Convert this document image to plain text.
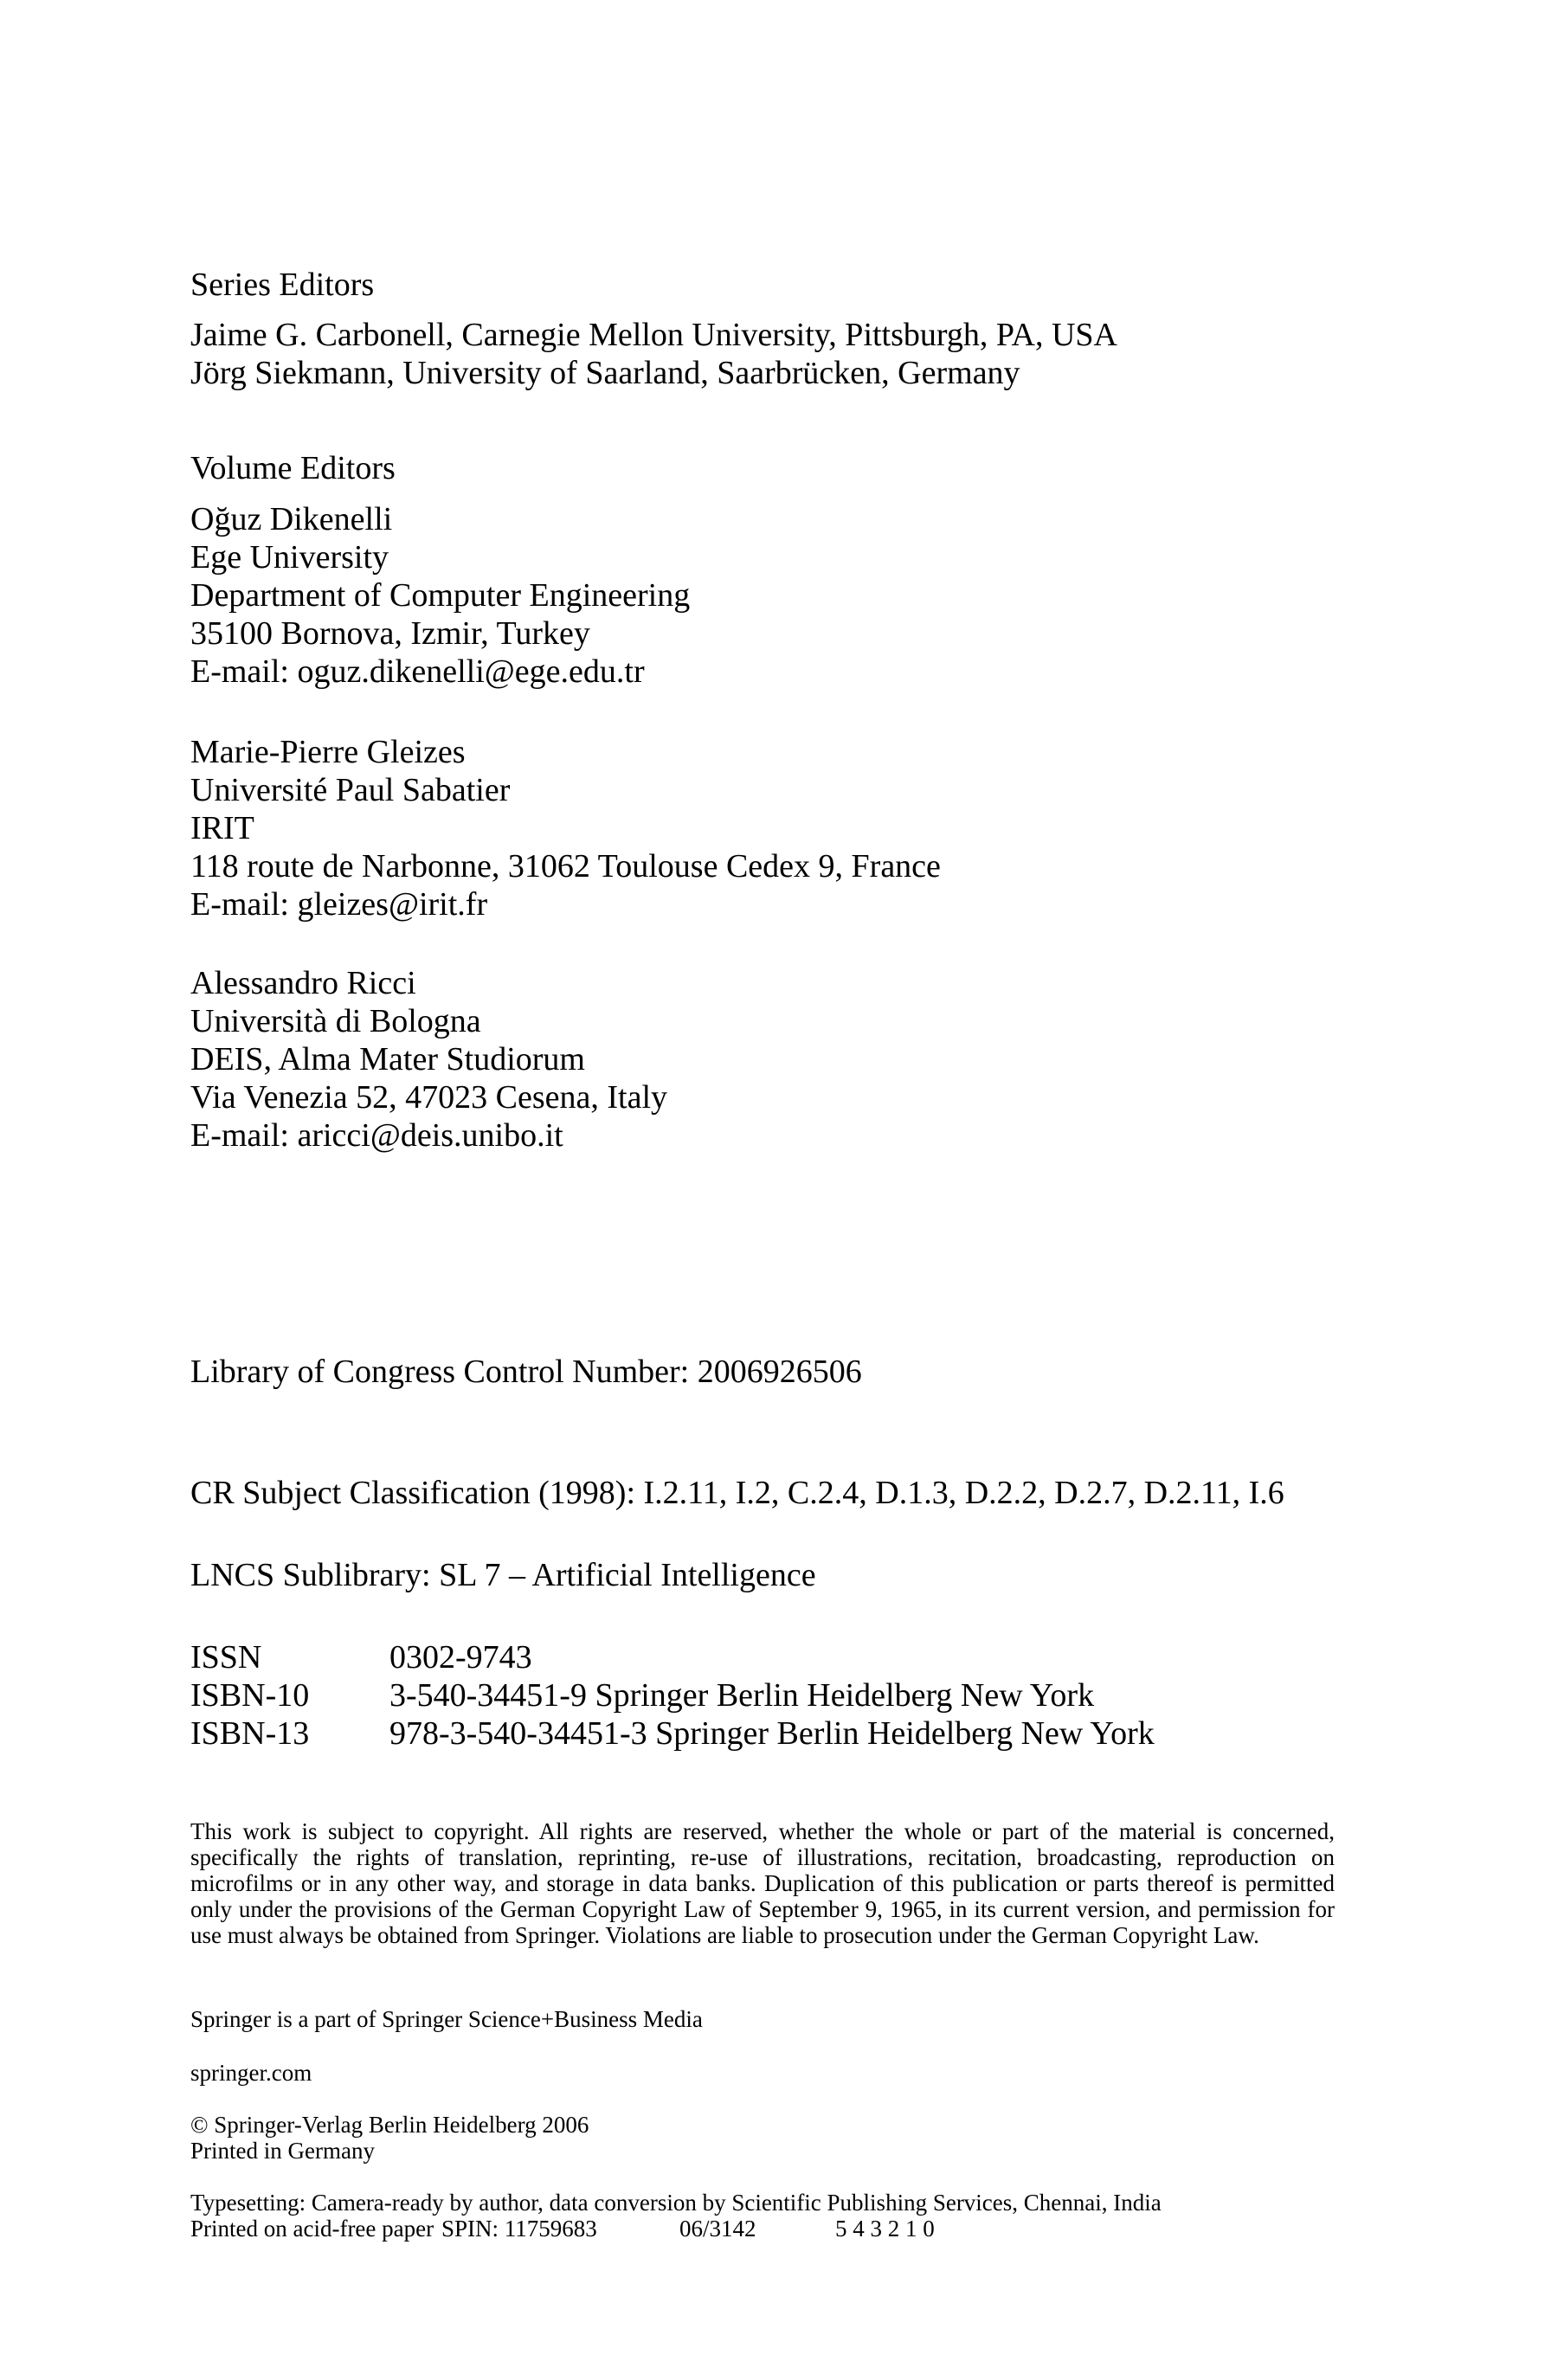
Series Editors
Jaime G. Carbonell, Carnegie Mellon University, Pittsburgh, PA, USA
Jörg Siekmann, University of Saarland, Saarbrücken, Germany
Volume Editors
Oğuz Dikenelli
Ege University
Department of Computer Engineering
35100 Bornova, Izmir, Turkey
E-mail: oguz.dikenelli@ege.edu.tr
Marie-Pierre Gleizes
Université Paul Sabatier
IRIT
118 route de Narbonne, 31062 Toulouse Cedex 9, France
E-mail: gleizes@irit.fr
Alessandro Ricci
Università di Bologna
DEIS, Alma Mater Studiorum
Via Venezia 52, 47023 Cesena, Italy
E-mail: aricci@deis.unibo.it
Library of Congress Control Number: 2006926506
CR Subject Classification (1998): I.2.11, I.2, C.2.4, D.1.3, D.2.2, D.2.7, D.2.11, I.6
LNCS Sublibrary: SL 7 – Artificial Intelligence
ISSN	0302-9743
ISBN-10	3-540-34451-9 Springer Berlin Heidelberg New York
ISBN-13	978-3-540-34451-3 Springer Berlin Heidelberg New York
This work is subject to copyright. All rights are reserved, whether the whole or part of the material is concerned, specifically the rights of translation, reprinting, re-use of illustrations, recitation, broadcasting, reproduction on microfilms or in any other way, and storage in data banks. Duplication of this publication or parts thereof is permitted only under the provisions of the German Copyright Law of September 9, 1965, in its current version, and permission for use must always be obtained from Springer. Violations are liable to prosecution under the German Copyright Law.
Springer is a part of Springer Science+Business Media
springer.com
© Springer-Verlag Berlin Heidelberg 2006
Printed in Germany
Typesetting: Camera-ready by author, data conversion by Scientific Publishing Services, Chennai, India
Printed on acid-free paper SPIN: 11759683	06/3142	5 4 3 2 1 0
